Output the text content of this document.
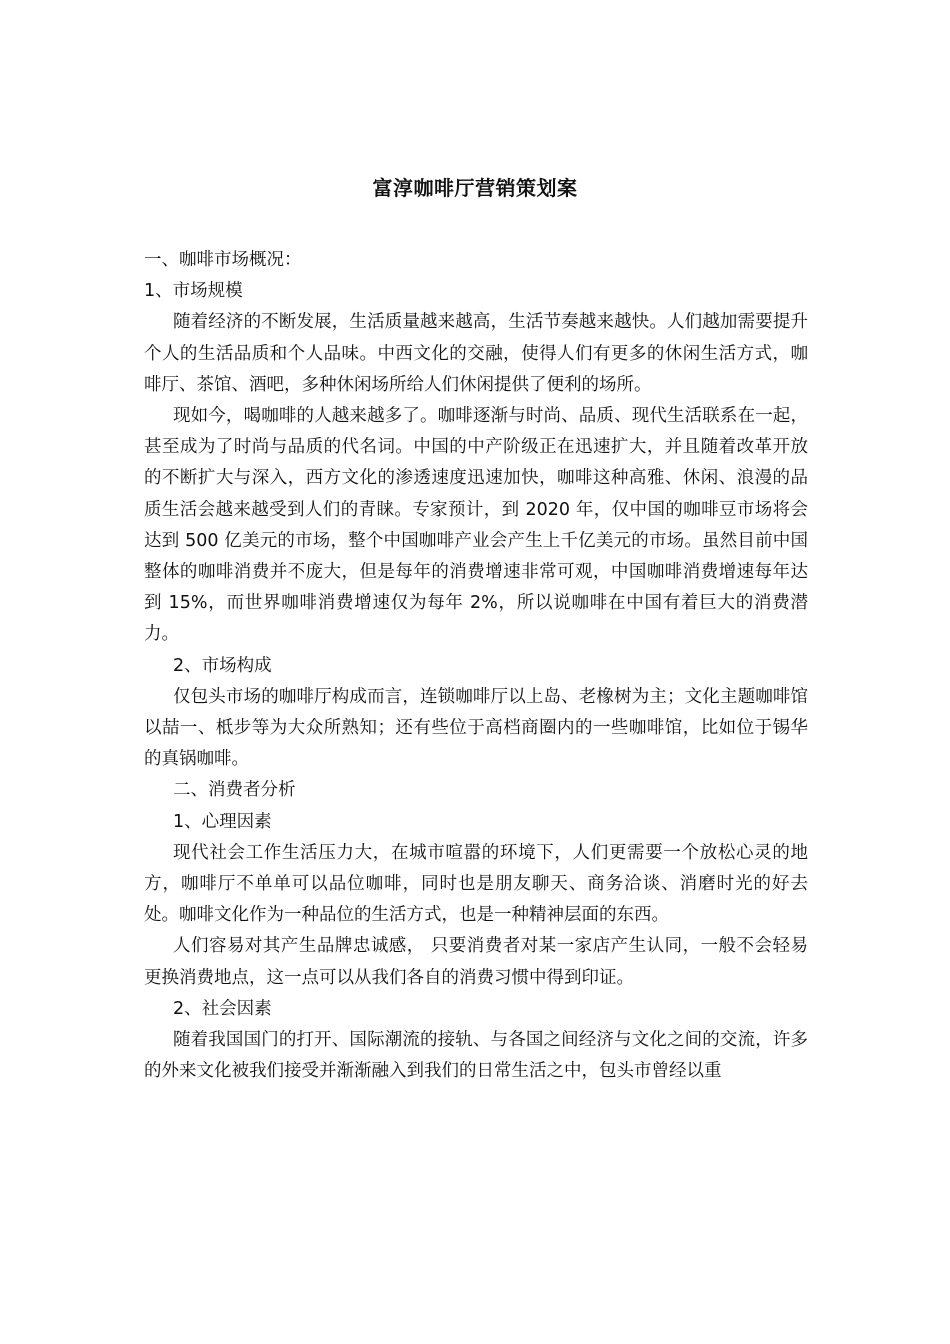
富淳咖啡厅营销策划案

一、咖啡市场概况：

1、市场规模

随着经济的不断发展，生活质量越来越高，生活节奏越来越快。人们越加需要提升个人的生活品质和个人品味。中西文化的交融，使得人们有更多的休闲生活方式，咖啡厅、茶馆、酒吧，多种休闲场所给人们休闲提供了便利的场所。

现如今，喝咖啡的人越来越多了。咖啡逐渐与时尚、品质、现代生活联系在一起，甚至成为了时尚与品质的代名词。中国的中产阶级正在迅速扩大，并且随着改革开放的不断扩大与深入，西方文化的渗透速度迅速加快，咖啡这种高雅、休闲、浪漫的品质生活会越来越受到人们的青睐。专家预计，到 2020 年，仅中国的咖啡豆市场将会达到 500 亿美元的市场，整个中国咖啡产业会产生上千亿美元的市场。虽然目前中国整体的咖啡消费并不庞大，但是每年的消费增速非常可观，中国咖啡消费增速每年达到 15%，而世界咖啡消费增速仅为每年 2%，所以说咖啡在中国有着巨大的消费潜力。

2、市场构成

仅包头市场的咖啡厅构成而言，连锁咖啡厅以上岛、老橡树为主；文化主题咖啡馆以喆一、柢步等为大众所熟知；还有些位于高档商圈内的一些咖啡馆，比如位于锡华的真锅咖啡。

二、消费者分析

1、心理因素

现代社会工作生活压力大，在城市喧嚣的环境下，人们更需要一个放松心灵的地方，咖啡厅不单单可以品位咖啡，同时也是朋友聊天、商务洽谈、消磨时光的好去处。咖啡文化作为一种品位的生活方式，也是一种精神层面的东西。

人们容易对其产生品牌忠诚感， 只要消费者对某一家店产生认同，一般不会轻易更换消费地点，这一点可以从我们各自的消费习惯中得到印证。

2、社会因素

随着我国国门的打开、国际潮流的接轨、与各国之间经济与文化之间的交流，许多的外来文化被我们接受并渐渐融入到我们的日常生活之中，包头市曾经以重
